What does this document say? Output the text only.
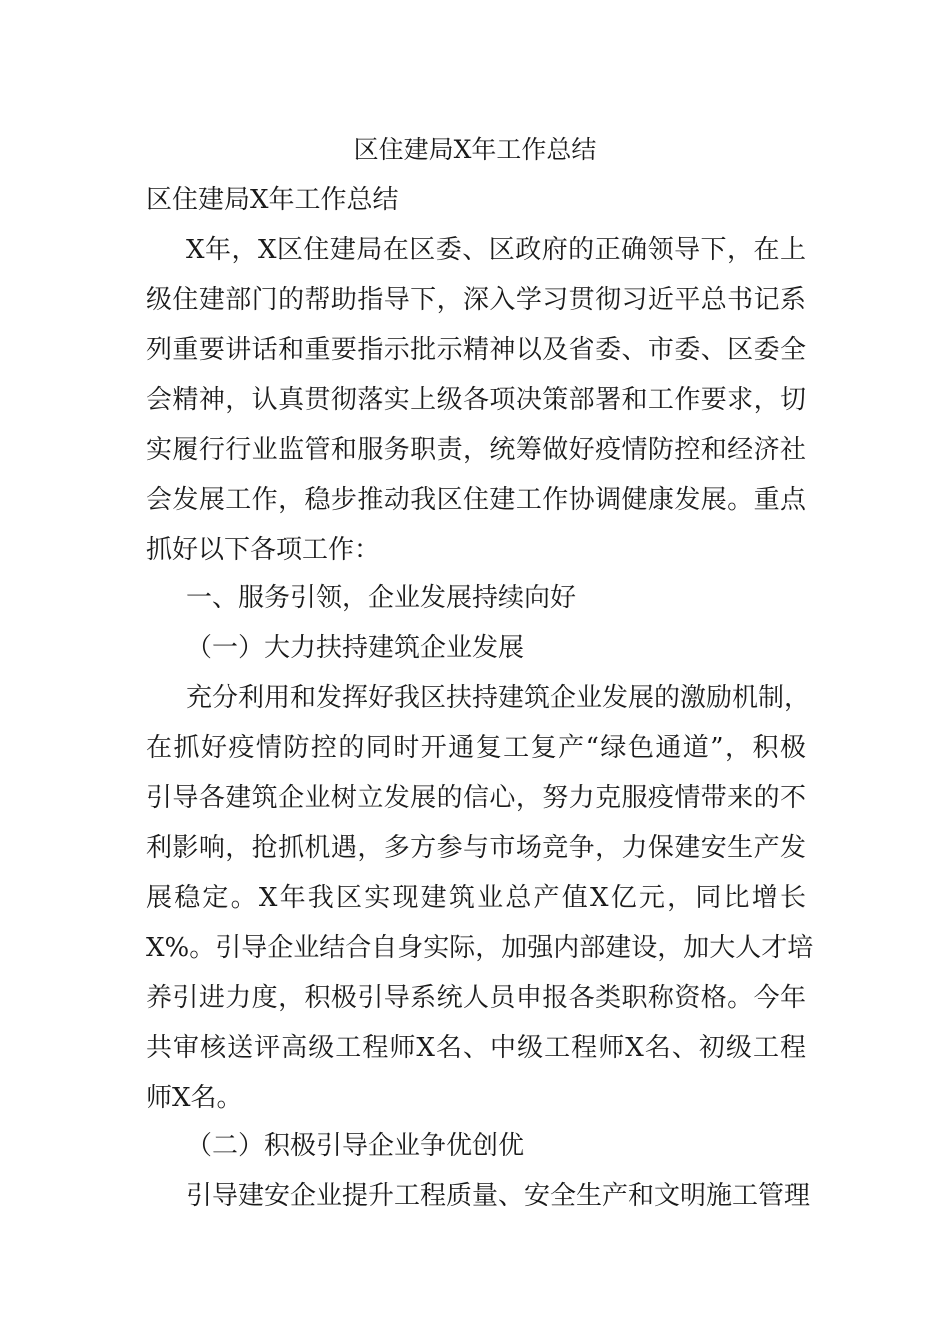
区住建局X年工作总结

区住建局X年工作总结

X年，X区住建局在区委、区政府的正确领导下，在上

级住建部门的帮助指导下，深入学习贯彻习近平总书记系

列重要讲话和重要指示批示精神以及省委、市委、区委全

会精神，认真贯彻落实上级各项决策部署和工作要求，切

实履行行业监管和服务职责，统筹做好疫情防控和经济社

会发展工作，稳步推动我区住建工作协调健康发展。重点

抓好以下各项工作：

一、服务引领，企业发展持续向好

（一）大力扶持建筑企业发展

充分利用和发挥好我区扶持建筑企业发展的激励机制，

在抓好疫情防控的同时开通复工复产“绿色通道”，积极

引导各建筑企业树立发展的信心，努力克服疫情带来的不

利影响，抢抓机遇，多方参与市场竞争，力保建安生产发

展稳定。X年我区实现建筑业总产值X亿元，同比增长

X%。引导企业结合自身实际，加强内部建设，加大人才培

养引进力度，积极引导系统人员申报各类职称资格。今年

共审核送评高级工程师X名、中级工程师X名、初级工程

师X名。

（二）积极引导企业争优创优

引导建安企业提升工程质量、安全生产和文明施工管理
